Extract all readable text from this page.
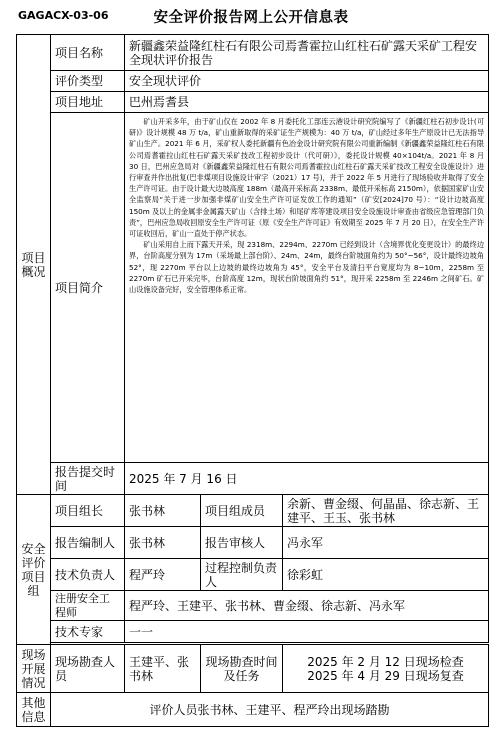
GAGACX-03-06	安全评价报告网上公开信息表
项目概况	项目名称	新疆鑫荣益隆红柱石有限公司焉耆霍拉山红柱石矿露天采矿工程安全现状评价报告		
	评价类型	安全现状评价		
	项目地址	巴州焉耆县		
	项目简介	矿山开采多年，由于矿山仅在 2002 年 8 月委托化工部连云港设计研究院编写了《新疆红柱石初步设计(可研)》设计规模 48 万 t/a，矿山重新取得的采矿证生产规模为：40 万 t/a，矿山经过多年生产原设计已无法指导矿山生产。2021 年 6 月，采矿权人委托新疆有色冶金设计研究院有限公司重新编制《新疆鑫荣益隆红柱石有限公司焉耆霍拉山红柱石矿露天采矿技改工程初步设计（代可研）》，委托设计规模 40×104t/a。2021 年 8 月 30 日，巴州应急局对《新疆鑫荣益隆红柱石有限公司焉耆霍拉山红柱石矿露天采矿技改工程安全设施设计》进行审查并作出批复(巴非煤项目设施设计审字（2021）17 号)，并于 2022 年 5 月进行了现场验收并取得了安全生产许可证。由于设计最大边坡高度 188m（最高开采标高 2338m、最低开采标高 2150m），依据国家矿山安全监察局“关于进一步加强非煤矿山安全生产许可证发放工作的通知”（矿安[2024]70 号）：“设计边坡高度 150m 及以上的金属非金属露天矿山（含排土场）和尾矿库等建设项目安全设施设计审查由省级应急管理部门负责”，巴州应急局收回原安全生产许可证（原《安全生产许可证》有效期至 2025 年 7 月 20 日），在安全生产许可证收回后，矿山一直处于停产状态。

矿山采用自上而下露天开采，现 2318m、2294m、2270m 已经到设计（含境界优化变更设计）的最终边界，台阶高度分别为 17m（采场最上部台阶）、24m、24m，最终台阶坡面角约为 50°~56°，设计最终边坡角 52°，现 2270m 平台以上边坡的最终边坡角为 45°，安全平台及清扫平台宽度均为 8~10m，2258m 至 2270m 矿石已开采完毕，台阶高度 12m，现状台阶坡面角约 51°，现开采 2258m 至 2246m 之间矿石。矿山设施设备完好，安全管理体系正常。		

	报告提交时间	2025 年 7 月 16 日		
安全评价项目组	项目组长	张书林	项目组成员	余新、曹金缀、何晶晶、徐志新、王建平、王玉、张书林
	报告编制人	张书林	报告审核人	冯永军
	技术负责人	程严玲	过程控制负责人	徐彩虹
	注册安全工程师	程严玲、王建平、张书林、曹金缀、徐志新、冯永军		
	技术专家	一一		

现场开展情况	现场勘查人员	王建平、张书林	现场勘查时间及任务	2025 年 2 月 12 日现场检查
2025 年 4 月 29 日现场复查

其他信息	评价人员张书林、王建平、程严玲出现场踏勘			
